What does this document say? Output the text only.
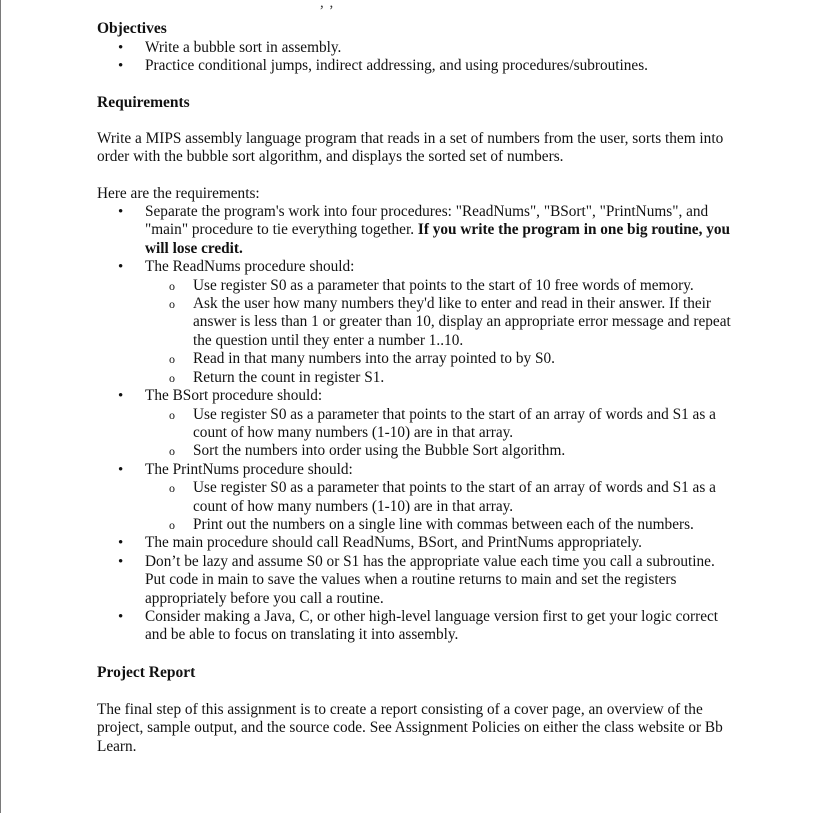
, ,
Objectives
• Write a bubble sort in assembly.
• Practice conditional jumps, indirect addressing, and using procedures/subroutines.
Requirements

Write a MIPS assembly language program that reads in a set of numbers from the user, sorts them into order with the bubble sort algorithm, and displays the sorted set of numbers.

Here are the requirements:

• Separate the program's work into four procedures: "ReadNums", "BSort", "PrintNums", and "main" procedure to tie everything together. If you write the program in one big routine, you will lose credit.
• The ReadNums procedure should:
o Use register S0 as a parameter that points to the start of 10 free words of memory.
o Ask the user how many numbers they'd like to enter and read in their answer. If their answer is less than 1 or greater than 10, display an appropriate error message and repeat the question until they enter a number 1..10.
o Read in that many numbers into the array pointed to by S0.
o Return the count in register S1.
• The BSort procedure should:
o Use register S0 as a parameter that points to the start of an array of words and S1 as a count of how many numbers (1-10) are in that array.
o Sort the numbers into order using the Bubble Sort algorithm.
• The PrintNums procedure should:
o Use register S0 as a parameter that points to the start of an array of words and S1 as a count of how many numbers (1-10) are in that array.
o Print out the numbers on a single line with commas between each of the numbers.
• The main procedure should call ReadNums, BSort, and PrintNums appropriately.
• Don’t be lazy and assume S0 or S1 has the appropriate value each time you call a subroutine. Put code in main to save the values when a routine returns to main and set the registers appropriately before you call a routine.
• Consider making a Java, C, or other high-level language version first to get your logic correct and be able to focus on translating it into assembly.
Project Report

The final step of this assignment is to create a report consisting of a cover page, an overview of the project, sample output, and the source code. See Assignment Policies on either the class website or Bb Learn.
